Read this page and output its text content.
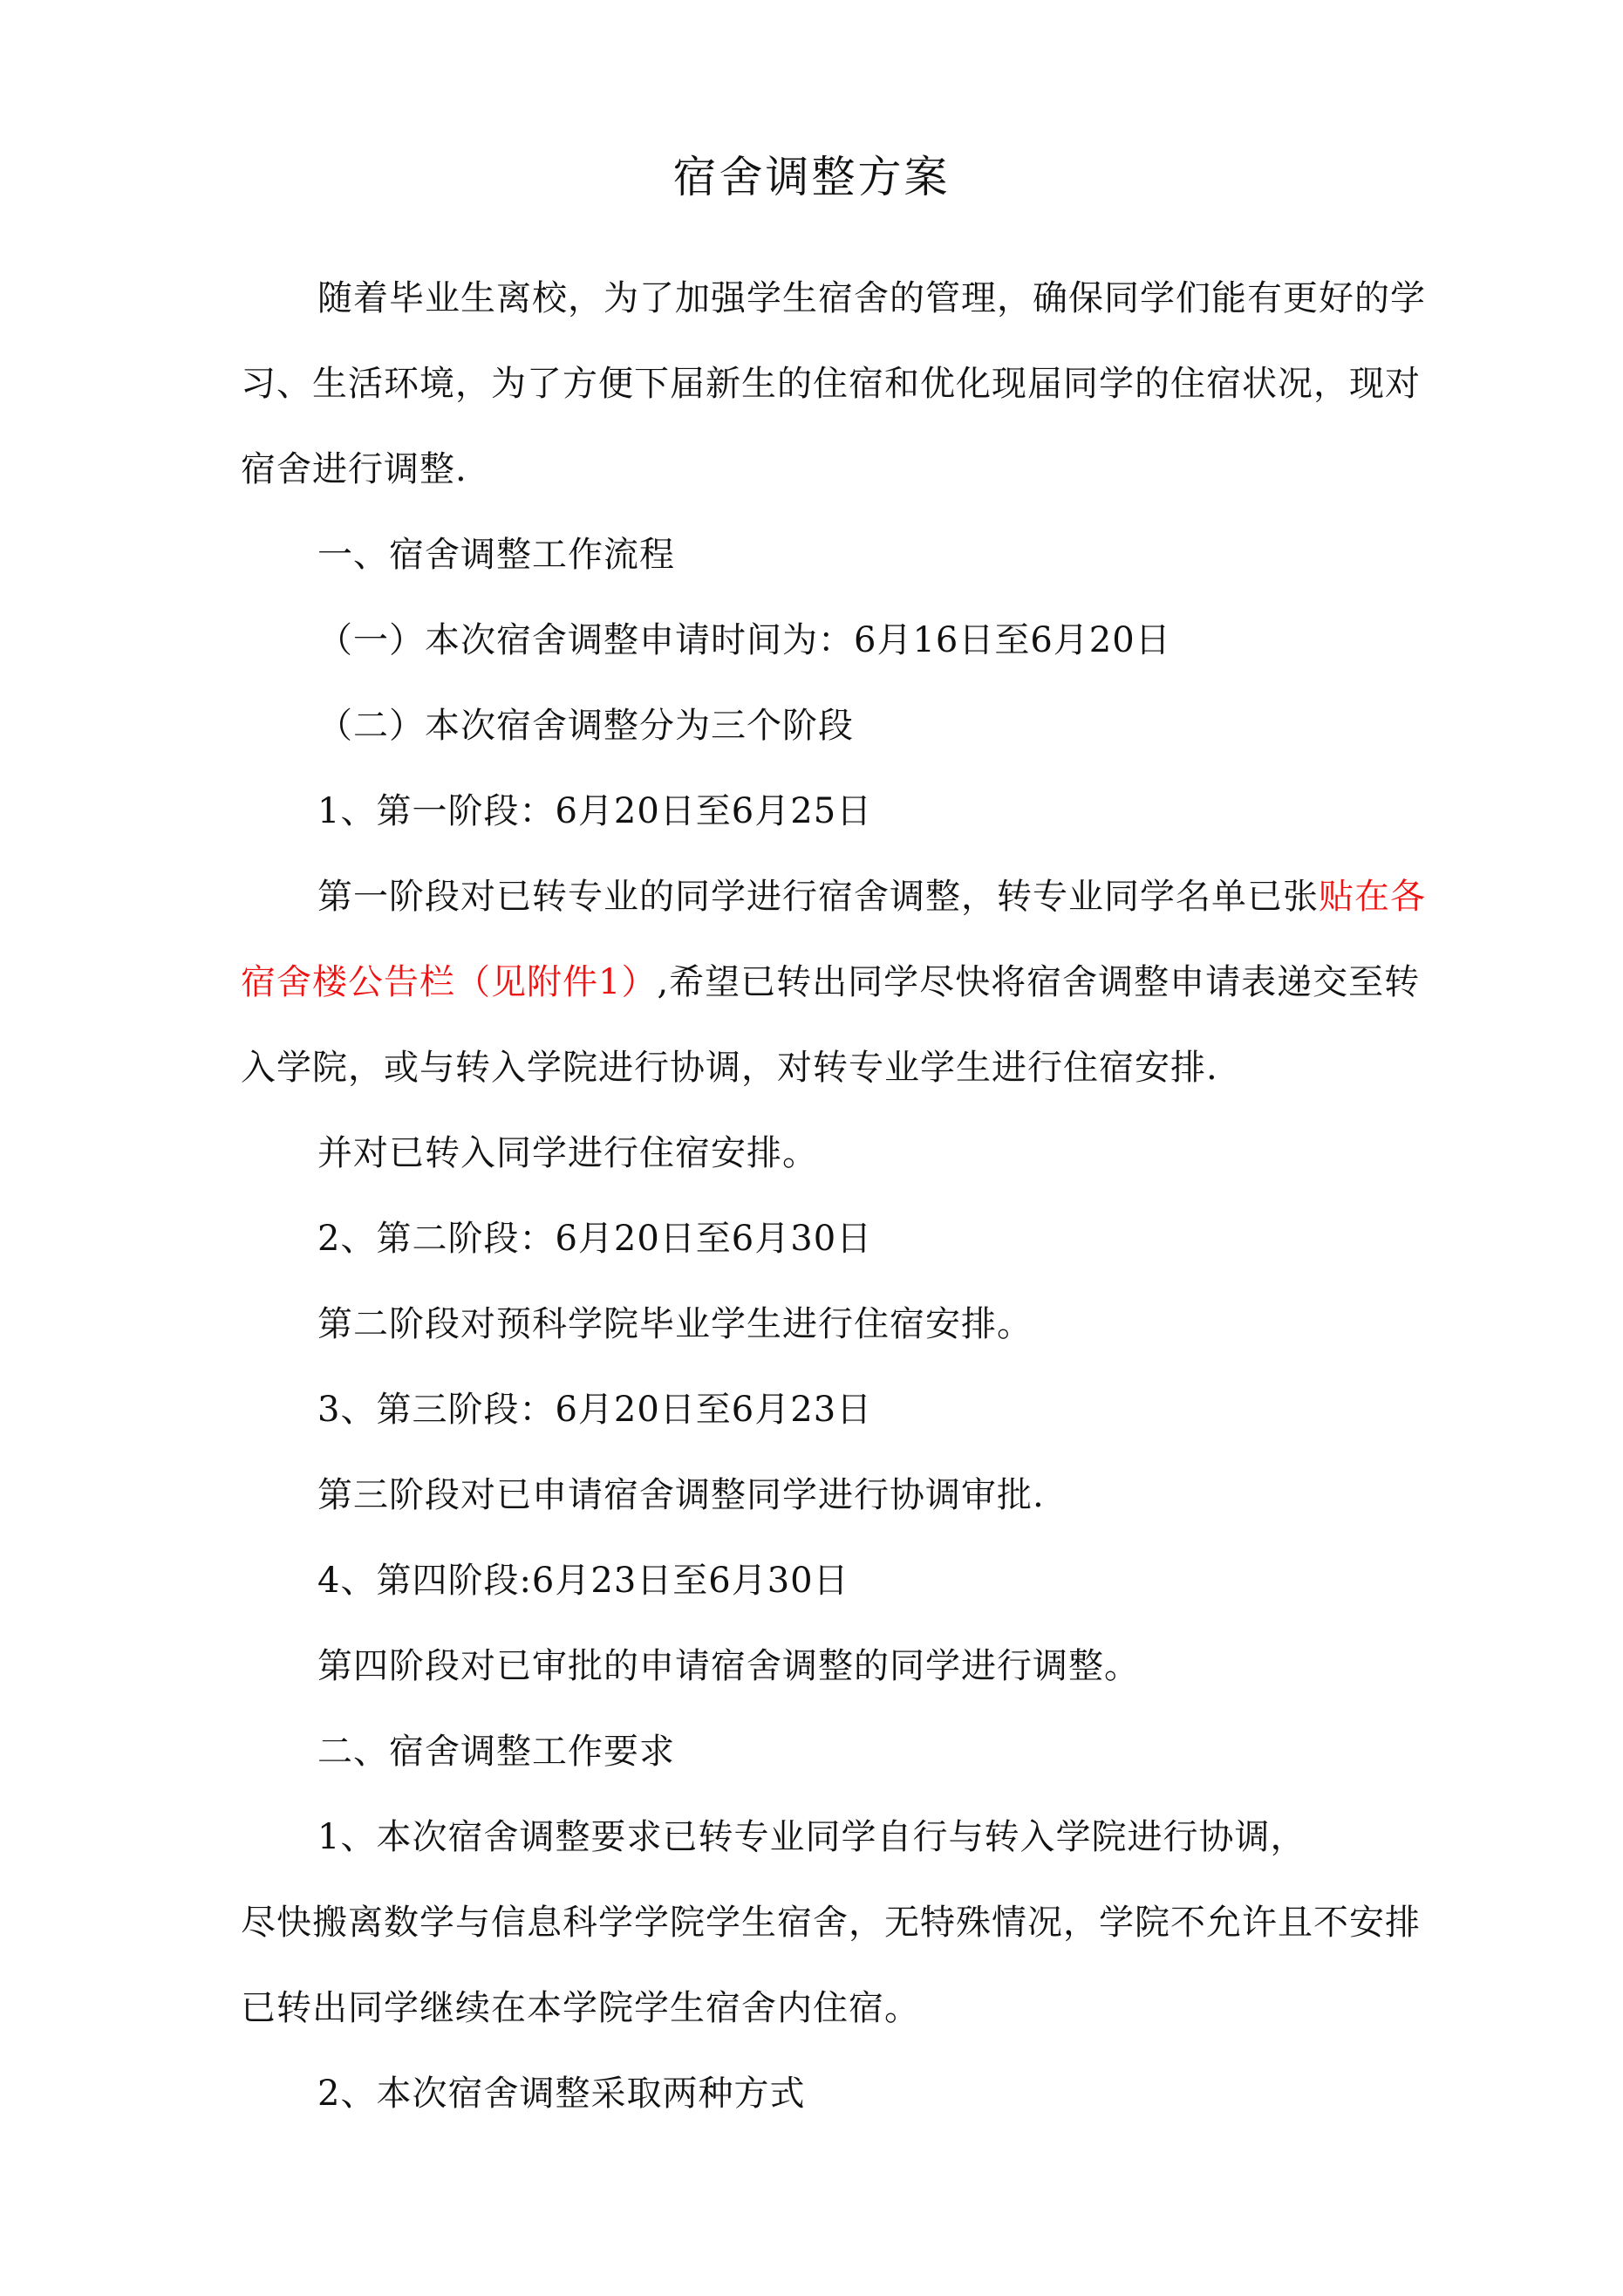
宿舍调整方案
随着毕业生离校，为了加强学生宿舍的管理，确保同学们能有更好的学
习、生活环境，为了方便下届新生的住宿和优化现届同学的住宿状况，现对
宿舍进行调整.
一、宿舍调整工作流程
（一）本次宿舍调整申请时间为：6月16日至6月20日
（二）本次宿舍调整分为三个阶段
1、第一阶段：6月20日至6月25日
第一阶段对已转专业的同学进行宿舍调整，转专业同学名单已张贴在各
宿舍楼公告栏（见附件1）,希望已转出同学尽快将宿舍调整申请表递交至转
入学院，或与转入学院进行协调，对转专业学生进行住宿安排.
并对已转入同学进行住宿安排。
2、第二阶段：6月20日至6月30日
第二阶段对预科学院毕业学生进行住宿安排。
3、第三阶段：6月20日至6月23日
第三阶段对已申请宿舍调整同学进行协调审批.
4、第四阶段:6月23日至6月30日
第四阶段对已审批的申请宿舍调整的同学进行调整。
二、宿舍调整工作要求
1、本次宿舍调整要求已转专业同学自行与转入学院进行协调，
尽快搬离数学与信息科学学院学生宿舍，无特殊情况，学院不允许且不安排
已转出同学继续在本学院学生宿舍内住宿。
2、本次宿舍调整采取两种方式
